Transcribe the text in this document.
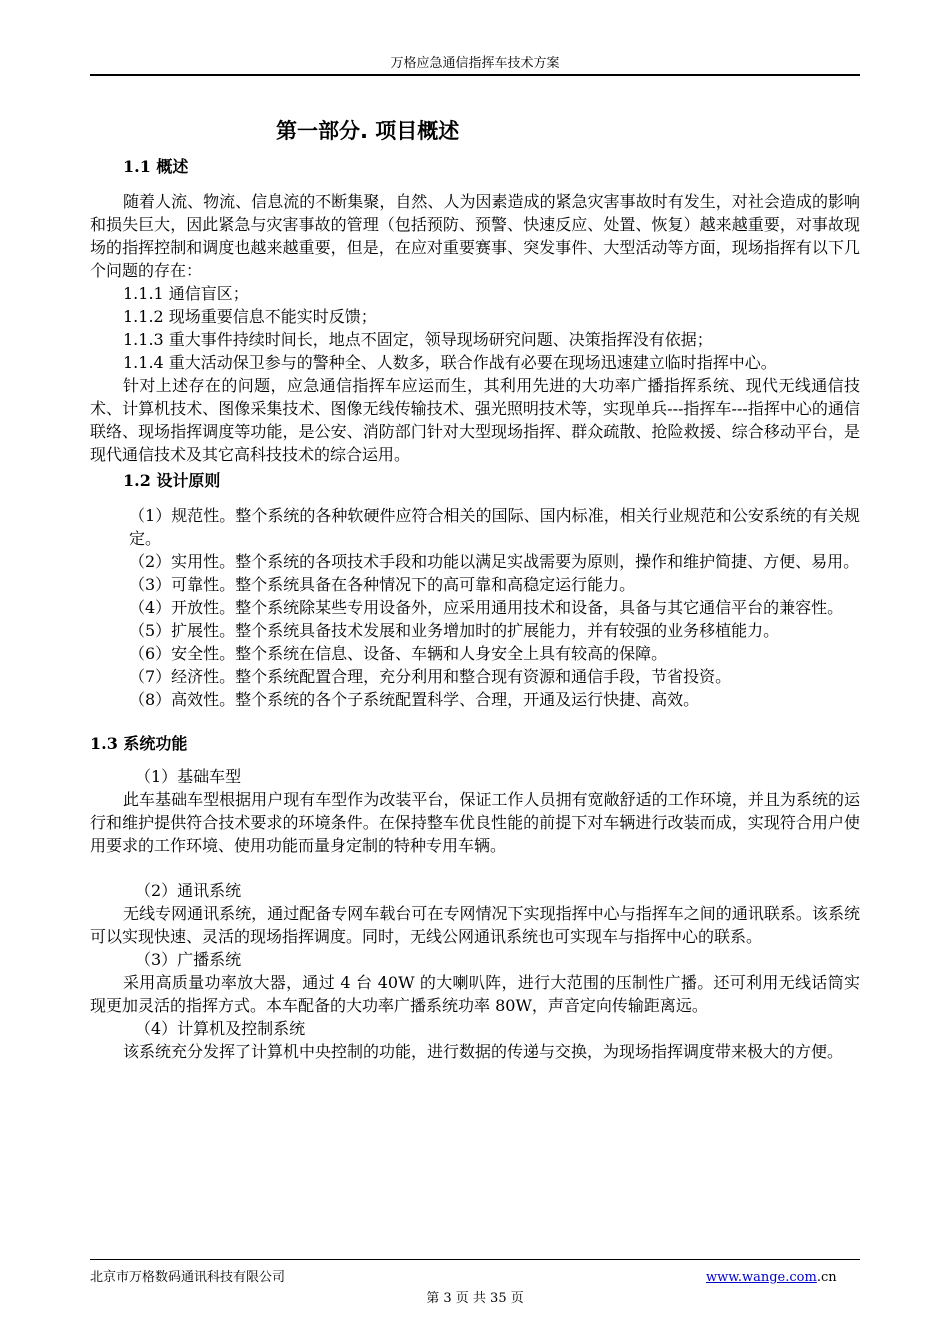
万格应急通信指挥车技术方案
第一部分. 项目概述
1.1 概述

随着人流、物流、信息流的不断集聚，自然、人为因素造成的紧急灾害事故时有发生，对社会造成的影响和损失巨大，因此紧急与灾害事故的管理（包括预防、预警、快速反应、处置、恢复）越来越重要，对事故现场的指挥控制和调度也越来越重要，但是，在应对重要赛事、突发事件、大型活动等方面，现场指挥有以下几个问题的存在：

1.1.1 通信盲区；

1.1.2 现场重要信息不能实时反馈；

1.1.3 重大事件持续时间长，地点不固定，领导现场研究问题、决策指挥没有依据；

1.1.4 重大活动保卫参与的警种全、人数多，联合作战有必要在现场迅速建立临时指挥中心。

针对上述存在的问题，应急通信指挥车应运而生，其利用先进的大功率广播指挥系统、现代无线通信技术、计算机技术、图像采集技术、图像无线传输技术、强光照明技术等，实现单兵---指挥车---指挥中心的通信联络、现场指挥调度等功能，是公安、消防部门针对大型现场指挥、群众疏散、抢险救援、综合移动平台，是现代通信技术及其它高科技技术的综合运用。

1.2 设计原则

（1）规范性。整个系统的各种软硬件应符合相关的国际、国内标准，相关行业规范和公安系统的有关规定。

（2）实用性。整个系统的各项技术手段和功能以满足实战需要为原则，操作和维护简捷、方便、易用。

（3）可靠性。整个系统具备在各种情况下的高可靠和高稳定运行能力。

（4）开放性。整个系统除某些专用设备外，应采用通用技术和设备，具备与其它通信平台的兼容性。

（5）扩展性。整个系统具备技术发展和业务增加时的扩展能力，并有较强的业务移植能力。

（6）安全性。整个系统在信息、设备、车辆和人身安全上具有较高的保障。

（7）经济性。整个系统配置合理，充分利用和整合现有资源和通信手段，节省投资。

（8）高效性。整个系统的各个子系统配置科学、合理，开通及运行快捷、高效。

1.3 系统功能

（1）基础车型

此车基础车型根据用户现有车型作为改装平台，保证工作人员拥有宽敞舒适的工作环境，并且为系统的运行和维护提供符合技术要求的环境条件。在保持整车优良性能的前提下对车辆进行改装而成，实现符合用户使用要求的工作环境、使用功能而量身定制的特种专用车辆。

（2）通讯系统

无线专网通讯系统，通过配备专网车载台可在专网情况下实现指挥中心与指挥车之间的通讯联系。该系统可以实现快速、灵活的现场指挥调度。同时，无线公网通讯系统也可实现车与指挥中心的联系。

（3）广播系统

采用高质量功率放大器，通过 4 台 40W 的大喇叭阵，进行大范围的压制性广播。还可利用无线话筒实现更加灵活的指挥方式。本车配备的大功率广播系统功率 80W，声音定向传输距离远。

（4）计算机及控制系统

该系统充分发挥了计算机中央控制的功能，进行数据的传递与交换，为现场指挥调度带来极大的方便。

北京市万格数码通讯科技有限公司	www.wange.com.cn
第 3 页 共 35 页
